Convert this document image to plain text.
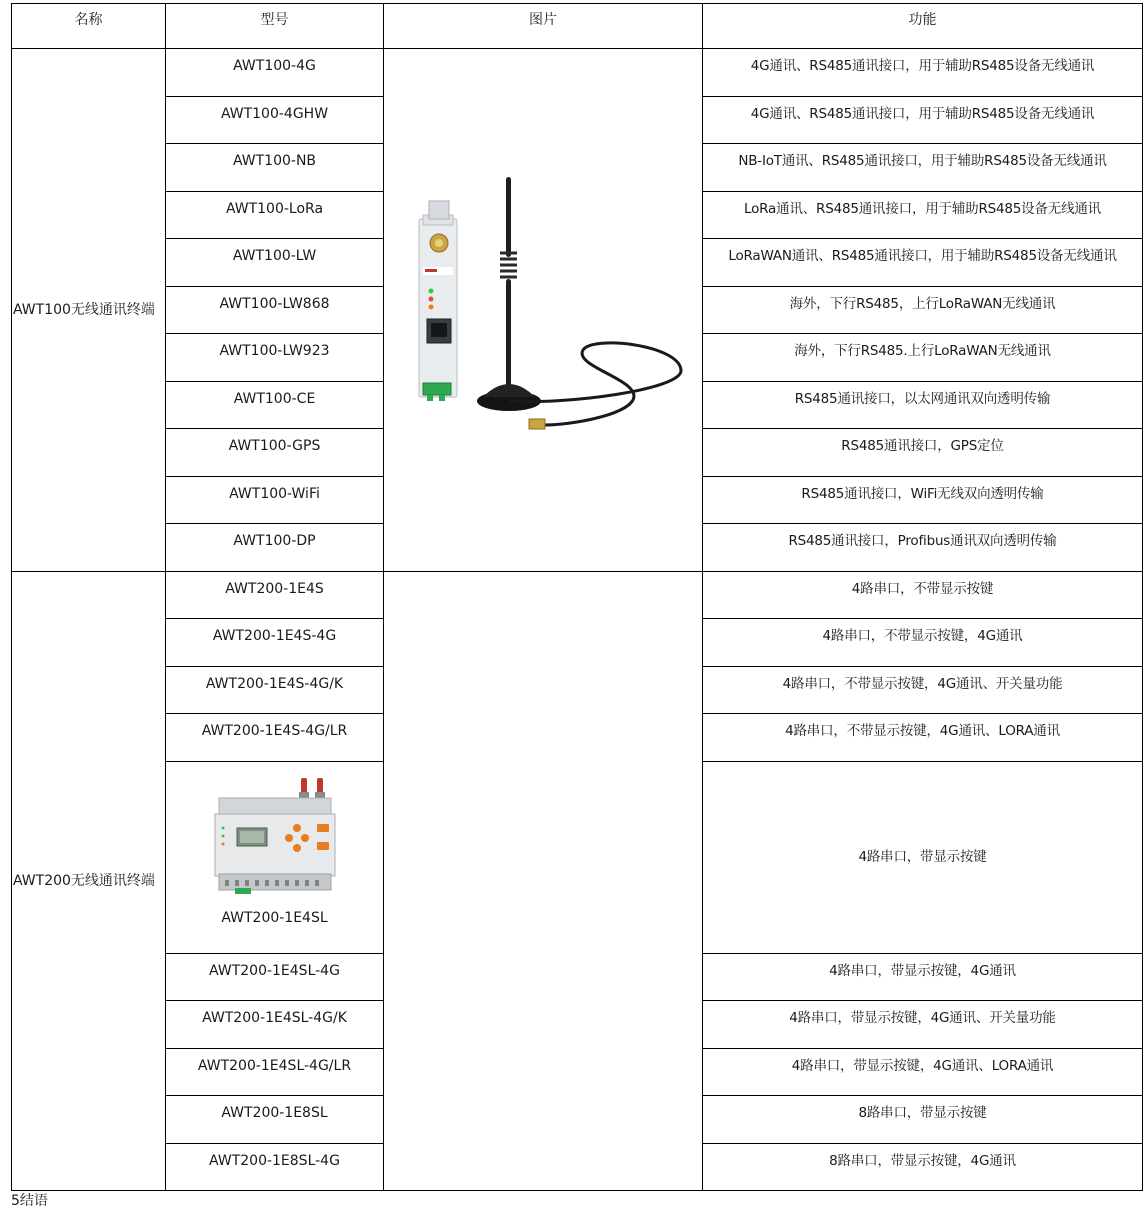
名称	型号	图片	功能
AWT100无线通讯终端	AWT100-4G		4G通讯、RS485通讯接口，用于辅助RS485设备无线通讯
	AWT100-4GHW		4G通讯、RS485通讯接口，用于辅助RS485设备无线通讯
	AWT100-NB		NB-IoT通讯、RS485通讯接口，用于辅助RS485设备无线通讯
	AWT100-LoRa		LoRa通讯、RS485通讯接口，用于辅助RS485设备无线通讯
	AWT100-LW		LoRaWAN通讯、RS485通讯接口，用于辅助RS485设备无线通讯
	AWT100-LW868		海外，下行RS485，上行LoRaWAN无线通讯
	AWT100-LW923		海外，下行RS485.上行LoRaWAN无线通讯
	AWT100-CE		RS485通讯接口，以太网通讯双向透明传输
	AWT100-GPS		RS485通讯接口，GPS定位
	AWT100-WiFi		RS485通讯接口，WiFi无线双向透明传输
	AWT100-DP		RS485通讯接口，Profibus通讯双向透明传输
AWT200无线通讯终端	AWT200-1E4S		4路串口，不带显示按键
	AWT200-1E4S-4G		4路串口，不带显示按键，4G通讯
	AWT200-1E4S-4G/K		4路串口，不带显示按键，4G通讯、开关量功能
	AWT200-1E4S-4G/LR		4路串口，不带显示按键，4G通讯、LORA通讯

	AWT200-1E4SL		4路串口，带显示按键
	AWT200-1E4SL-4G		4路串口，带显示按键，4G通讯
	AWT200-1E4SL-4G/K		4路串口，带显示按键，4G通讯、开关量功能
	AWT200-1E4SL-4G/LR		4路串口，带显示按键，4G通讯、LORA通讯
	AWT200-1E8SL		8路串口，带显示按键
	AWT200-1E8SL-4G		8路串口，带显示按键，4G通讯
5结语
